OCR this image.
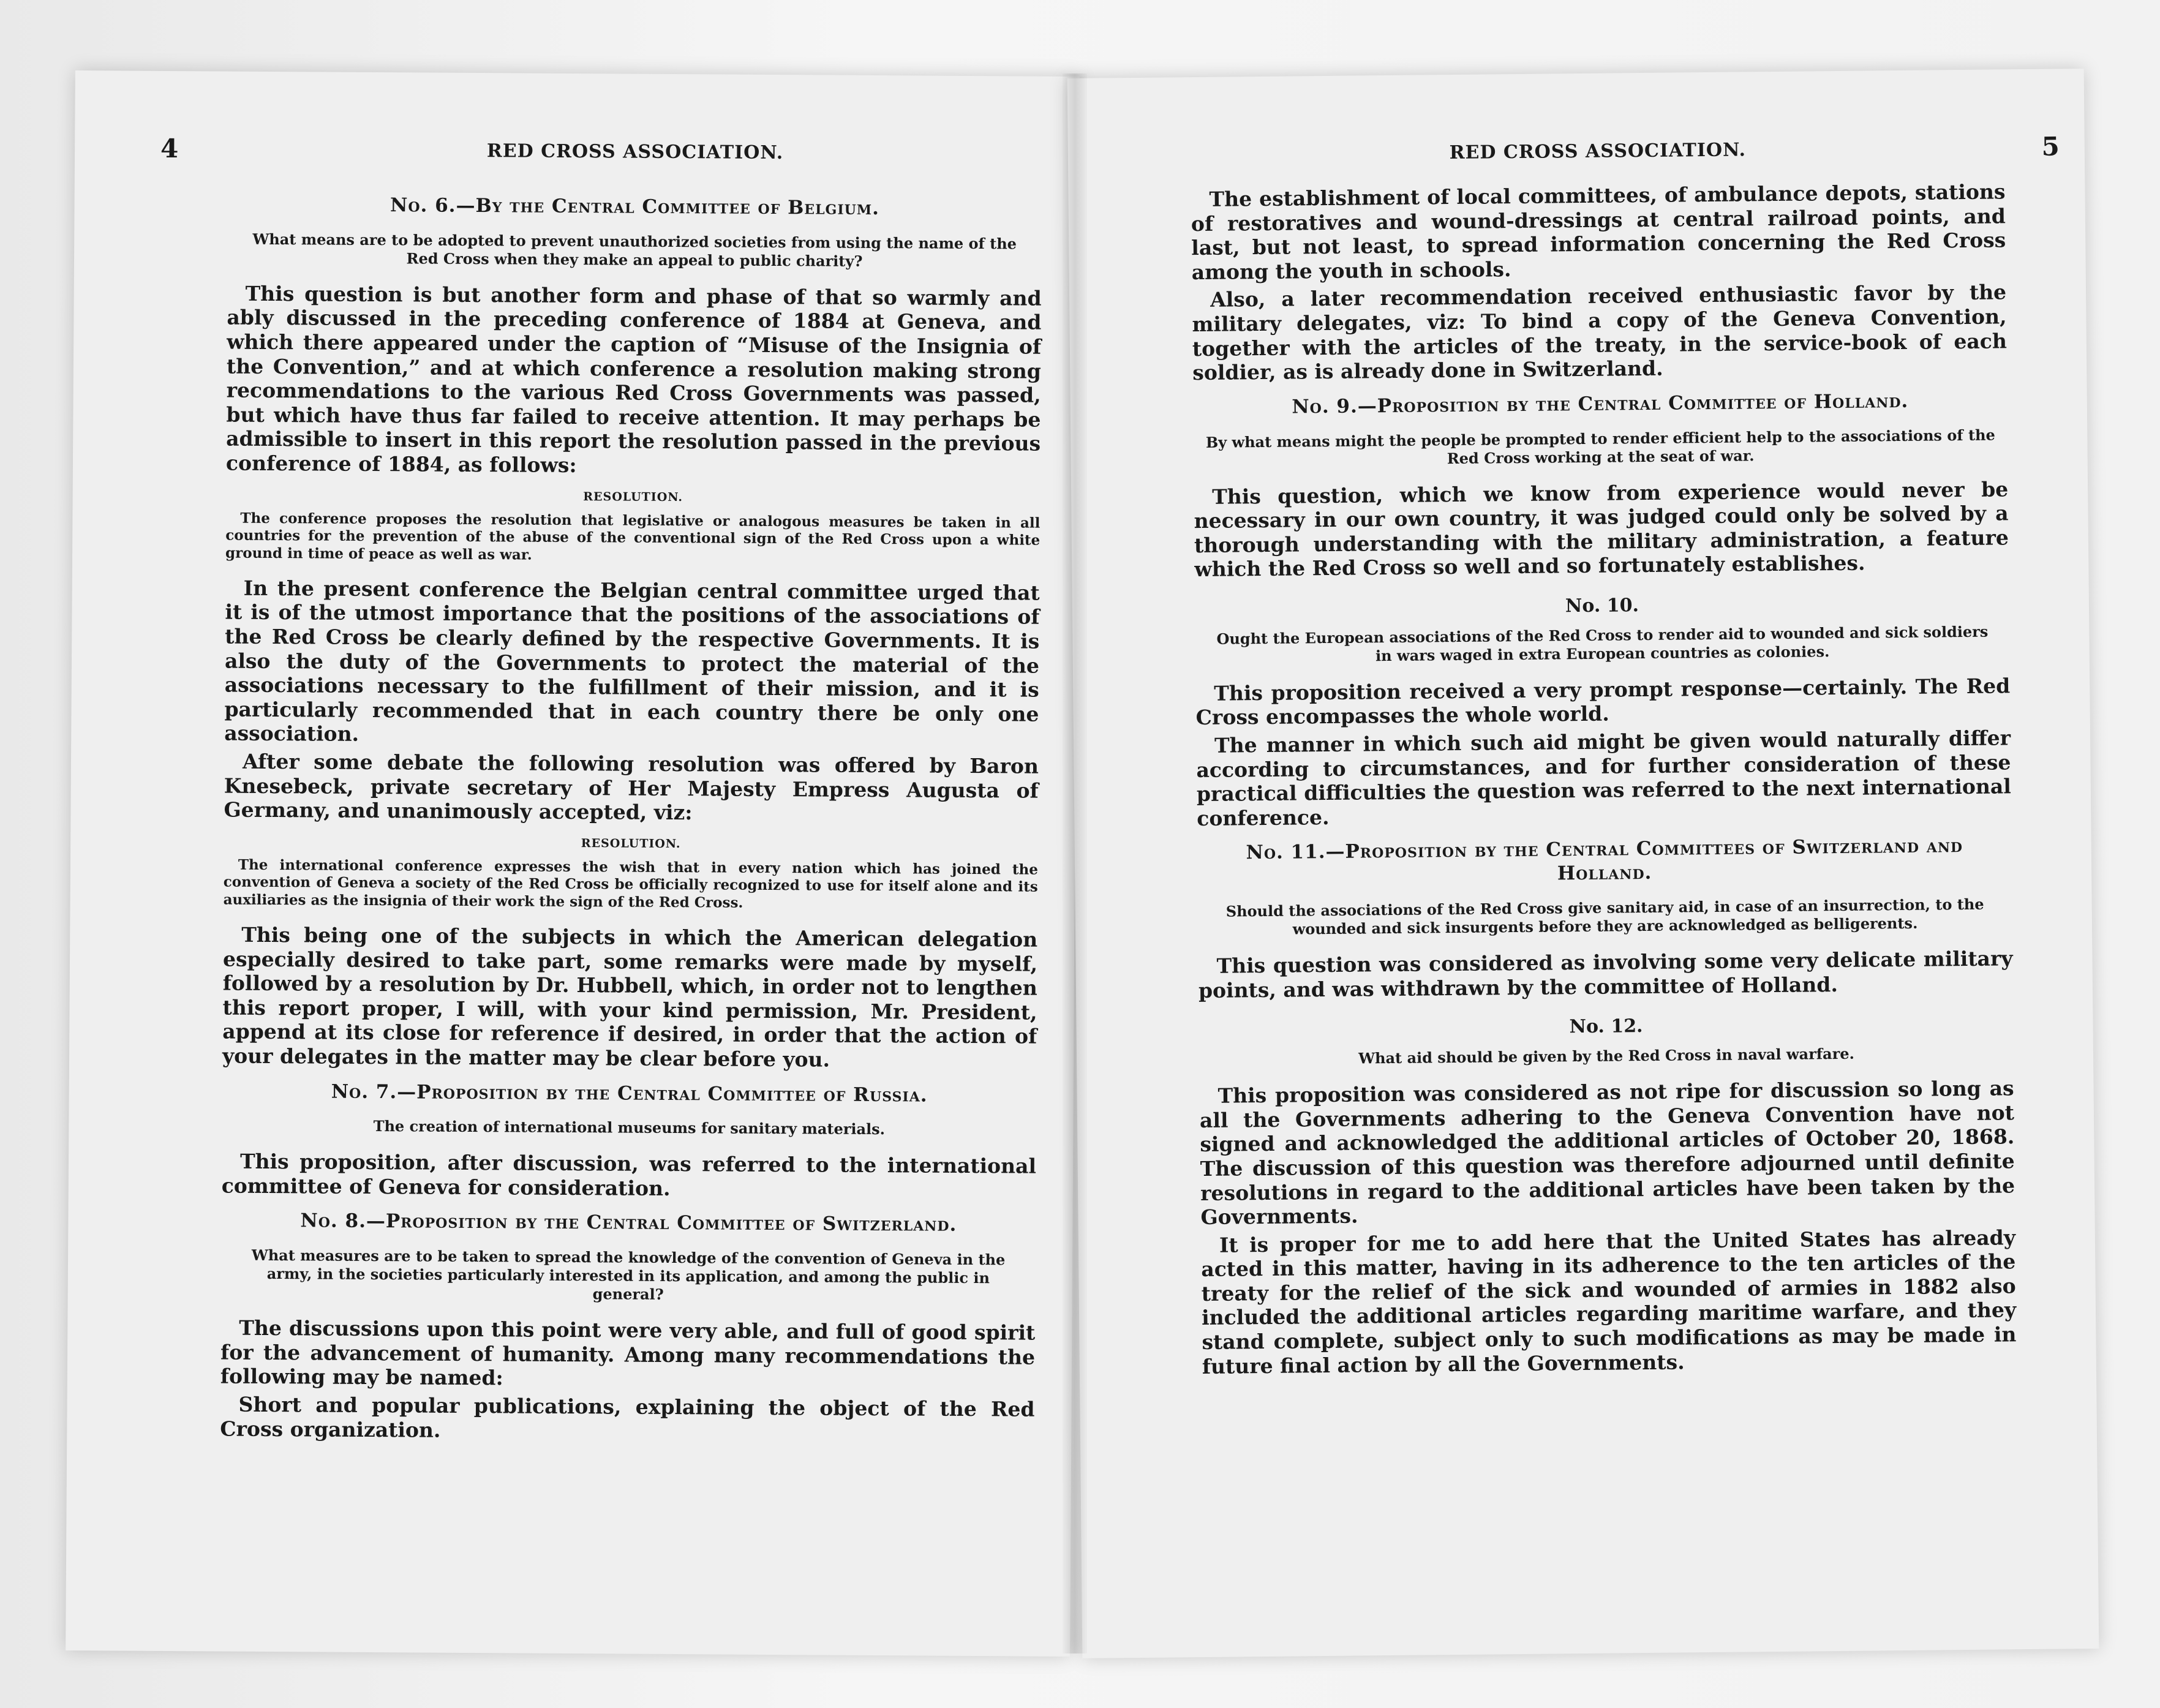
4	RED CROSS ASSOCIATION.
No. 6.—By the Central Committee of Belgium.
What means are to be adopted to prevent unauthorized societies from using the name of the Red Cross when they make an appeal to public charity?

This question is but another form and phase of that so warmly and ably discussed in the preceding conference of 1884 at Geneva, and which there appeared under the caption of “Misuse of the Insignia of the Convention,” and at which conference a resolution making strong recommendations to the various Red Cross Governments was passed, but which have thus far failed to receive attention. It may perhaps be admissible to insert in this report the resolution passed in the previous conference of 1884, as follows:

RESOLUTION.

The conference proposes the resolution that legislative or analogous measures be taken in all countries for the prevention of the abuse of the conventional sign of the Red Cross upon a white ground in time of peace as well as war.

In the present conference the Belgian central committee urged that it is of the utmost importance that the positions of the associations of the Red Cross be clearly defined by the respective Governments. It is also the duty of the Governments to protect the material of the associations necessary to the fulfillment of their mission, and it is particularly recommended that in each country there be only one association.

After some debate the following resolution was offered by Baron Knesebeck, private secretary of Her Majesty Empress Augusta of Germany, and unanimously accepted, viz:

RESOLUTION.

The international conference expresses the wish that in every nation which has joined the convention of Geneva a society of the Red Cross be officially recognized to use for itself alone and its auxiliaries as the insignia of their work the sign of the Red Cross.

This being one of the subjects in which the American delegation especially desired to take part, some remarks were made by myself, followed by a resolution by Dr. Hubbell, which, in order not to lengthen this report proper, I will, with your kind permission, Mr. President, append at its close for reference if desired, in order that the action of your delegates in the matter may be clear before you.

No. 7.—Proposition by the Central Committee of Russia.
The creation of international museums for sanitary materials.

This proposition, after discussion, was referred to the international committee of Geneva for consideration.

No. 8.—Proposition by the Central Committee of Switzerland.
What measures are to be taken to spread the knowledge of the convention of Geneva in the army, in the societies particularly interested in its application, and among the public in general?

The discussions upon this point were very able, and full of good spirit for the advancement of humanity. Among many recommendations the following may be named:

Short and popular publications, explaining the object of the Red Cross organization.

RED CROSS ASSOCIATION.	5

The establishment of local committees, of ambulance depots, stations of restoratives and wound-dressings at central railroad points, and last, but not least, to spread information concerning the Red Cross among the youth in schools.

Also, a later recommendation received enthusiastic favor by the military delegates, viz: To bind a copy of the Geneva Convention, together with the articles of the treaty, in the service-book of each soldier, as is already done in Switzerland.

No. 9.—Proposition by the Central Committee of Holland.
By what means might the people be prompted to render efficient help to the associations of the Red Cross working at the seat of war.

This question, which we know from experience would never be necessary in our own country, it was judged could only be solved by a thorough understanding with the military administration, a feature which the Red Cross so well and so fortunately establishes.

No. 10.
Ought the European associations of the Red Cross to render aid to wounded and sick soldiers in wars waged in extra European countries as colonies.

This proposition received a very prompt response—certainly. The Red Cross encompasses the whole world.

The manner in which such aid might be given would naturally differ according to circumstances, and for further consideration of these practical difficulties the question was referred to the next international conference.

No. 11.—Proposition by the Central Committees of Switzerland and Holland.
Should the associations of the Red Cross give sanitary aid, in case of an insurrection, to the wounded and sick insurgents before they are acknowledged as belligerents.

This question was considered as involving some very delicate military points, and was withdrawn by the committee of Holland.

No. 12.
What aid should be given by the Red Cross in naval warfare.

This proposition was considered as not ripe for discussion so long as all the Governments adhering to the Geneva Convention have not signed and acknowledged the additional articles of October 20, 1868. The discussion of this question was therefore adjourned until definite resolutions in regard to the additional articles have been taken by the Governments.

It is proper for me to add here that the United States has already acted in this matter, having in its adherence to the ten articles of the treaty for the relief of the sick and wounded of armies in 1882 also included the additional articles regarding maritime warfare, and they stand complete, subject only to such modifications as may be made in future final action by all the Governments.
